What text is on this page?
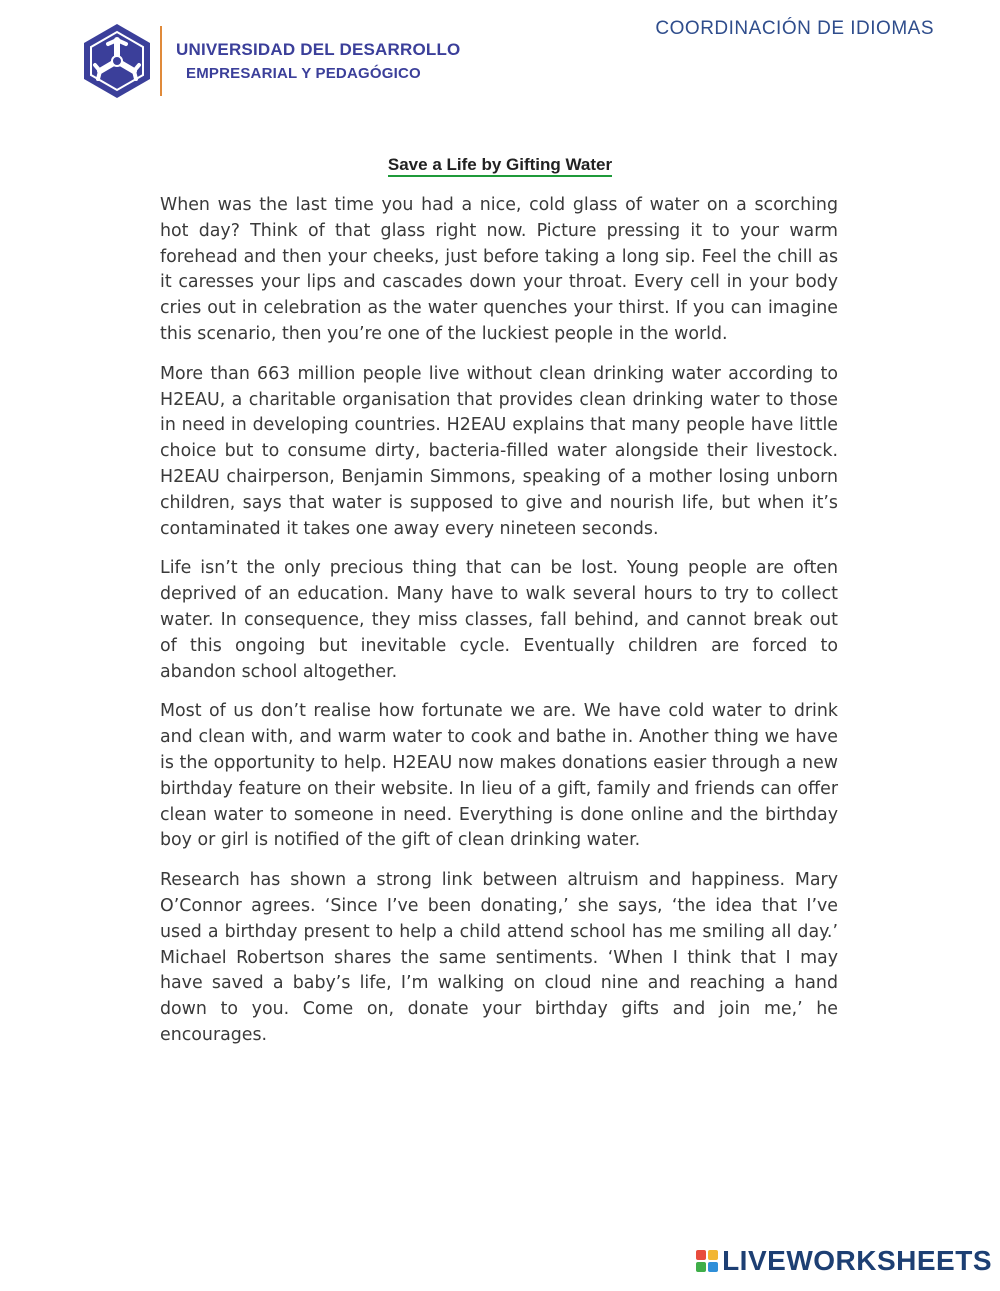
COORDINACIÓN DE IDIOMAS
UNIVERSIDAD DEL DESARROLLO
EMPRESARIAL Y PEDAGÓGICO
Save a Life by Gifting Water

When was the last time you had a nice, cold glass of water on a scorching hot day? Think of that glass right now. Picture pressing it to your warm forehead and then your cheeks, just before taking a long sip. Feel the chill as it caresses your lips and cascades down your throat. Every cell in your body cries out in celebration as the water quenches your thirst. If you can imagine this scenario, then you’re one of the luckiest people in the world.

More than 663 million people live without clean drinking water according to H2EAU, a charitable organisation that provides clean drinking water to those in need in developing countries. H2EAU explains that many people have little choice but to consume dirty, bacteria-filled water alongside their livestock. H2EAU chairperson, Benjamin Simmons, speaking of a mother losing unborn children, says that water is supposed to give and nourish life, but when it’s contaminated it takes one away every nineteen seconds.

Life isn’t the only precious thing that can be lost. Young people are often deprived of an education. Many have to walk several hours to try to collect water. In consequence, they miss classes, fall behind, and cannot break out of this ongoing but inevitable cycle. Eventually children are forced to abandon school altogether.

Most of us don’t realise how fortunate we are. We have cold water to drink and clean with, and warm water to cook and bathe in. Another thing we have is the opportunity to help. H2EAU now makes donations easier through a new birthday feature on their website. In lieu of a gift, family and friends can offer clean water to someone in need. Everything is done online and the birthday boy or girl is notified of the gift of clean drinking water.

Research has shown a strong link between altruism and happiness. Mary O’Connor agrees. ‘Since I’ve been donating,’ she says, ‘the idea that I’ve used a birthday present to help a child attend school has me smiling all day.’ Michael Robertson shares the same sentiments. ‘When I think that I may have saved a baby’s life, I’m walking on cloud nine and reaching a hand down to you. Come on, donate your birthday gifts and join me,’ he encourages.

LIVEWORKSHEETS
